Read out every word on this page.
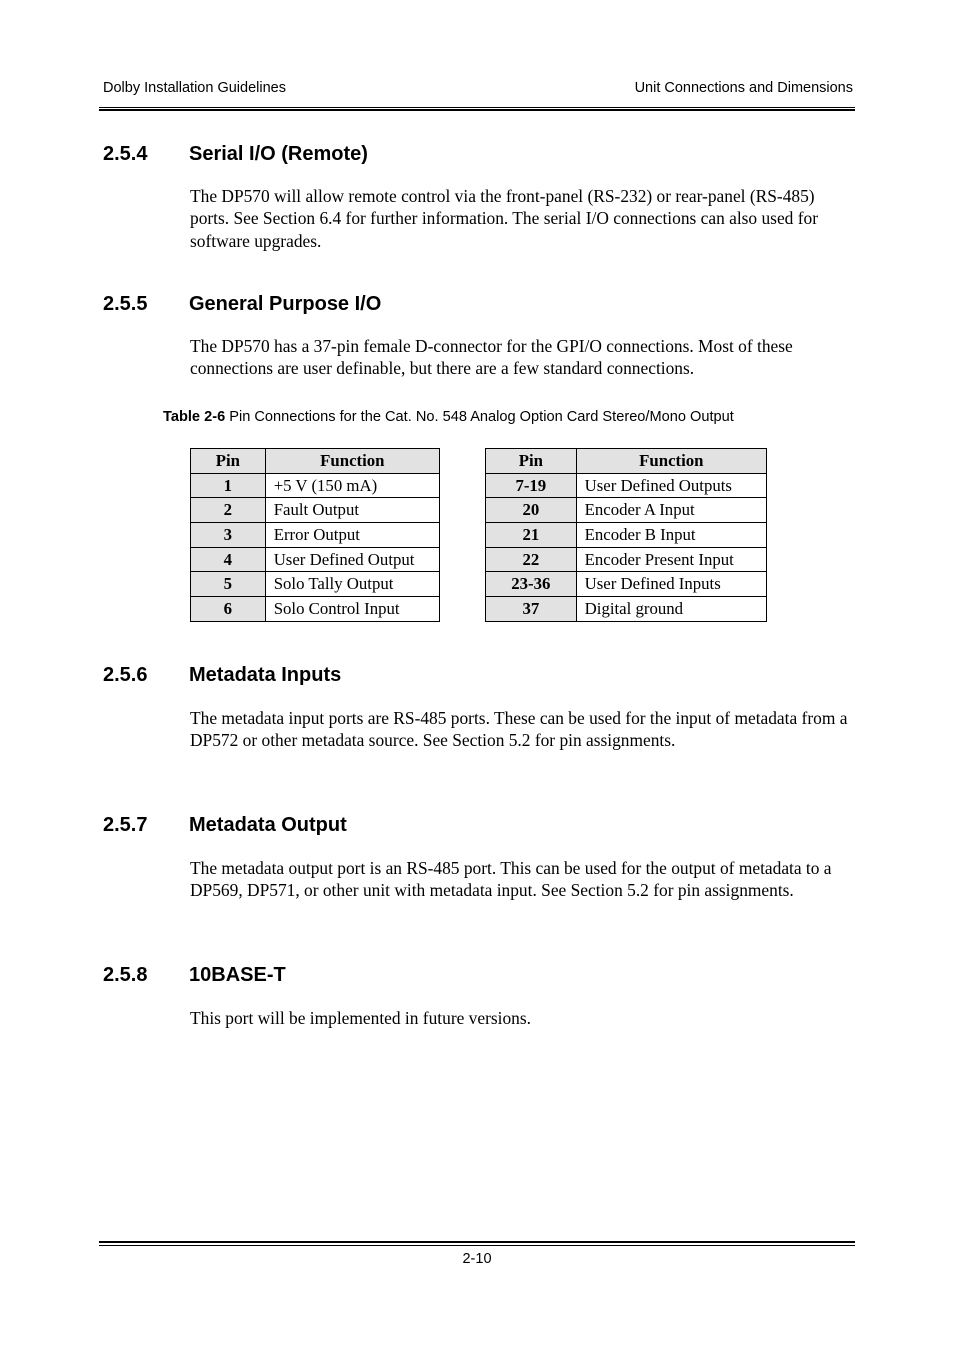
Dolby Installation Guidelines	Unit Connections and Dimensions
2.5.4 Serial I/O (Remote)

The DP570 will allow remote control via the front-panel (RS-232) or rear-panel (RS-485) ports. See Section 6.4 for further information. The serial I/O connections can also used for software upgrades.

2.5.5 General Purpose I/O

The DP570 has a 37-pin female D-connector for the GPI/O connections. Most of these connections are user definable, but there are a few standard connections.

Table 2-6 Pin Connections for the Cat. No. 548 Analog Option Card Stereo/Mono Output
Pin	Function
1	+5 V (150 mA)
2	Fault Output
3	Error Output
4	User Defined Output
5	Solo Tally Output
6	Solo Control Input
Pin	Function
7-19	User Defined Outputs
20	Encoder A Input
21	Encoder B Input
22	Encoder Present Input
23-36	User Defined Inputs
37	Digital ground
2.5.6 Metadata Inputs

The metadata input ports are RS-485 ports. These can be used for the input of metadata from a DP572 or other metadata source. See Section 5.2 for pin assignments.

2.5.7 Metadata Output

The metadata output port is an RS-485 port. This can be used for the output of metadata to a DP569, DP571, or other unit with metadata input. See Section 5.2 for pin assignments.

2.5.8 10BASE-T

This port will be implemented in future versions.

2-10
